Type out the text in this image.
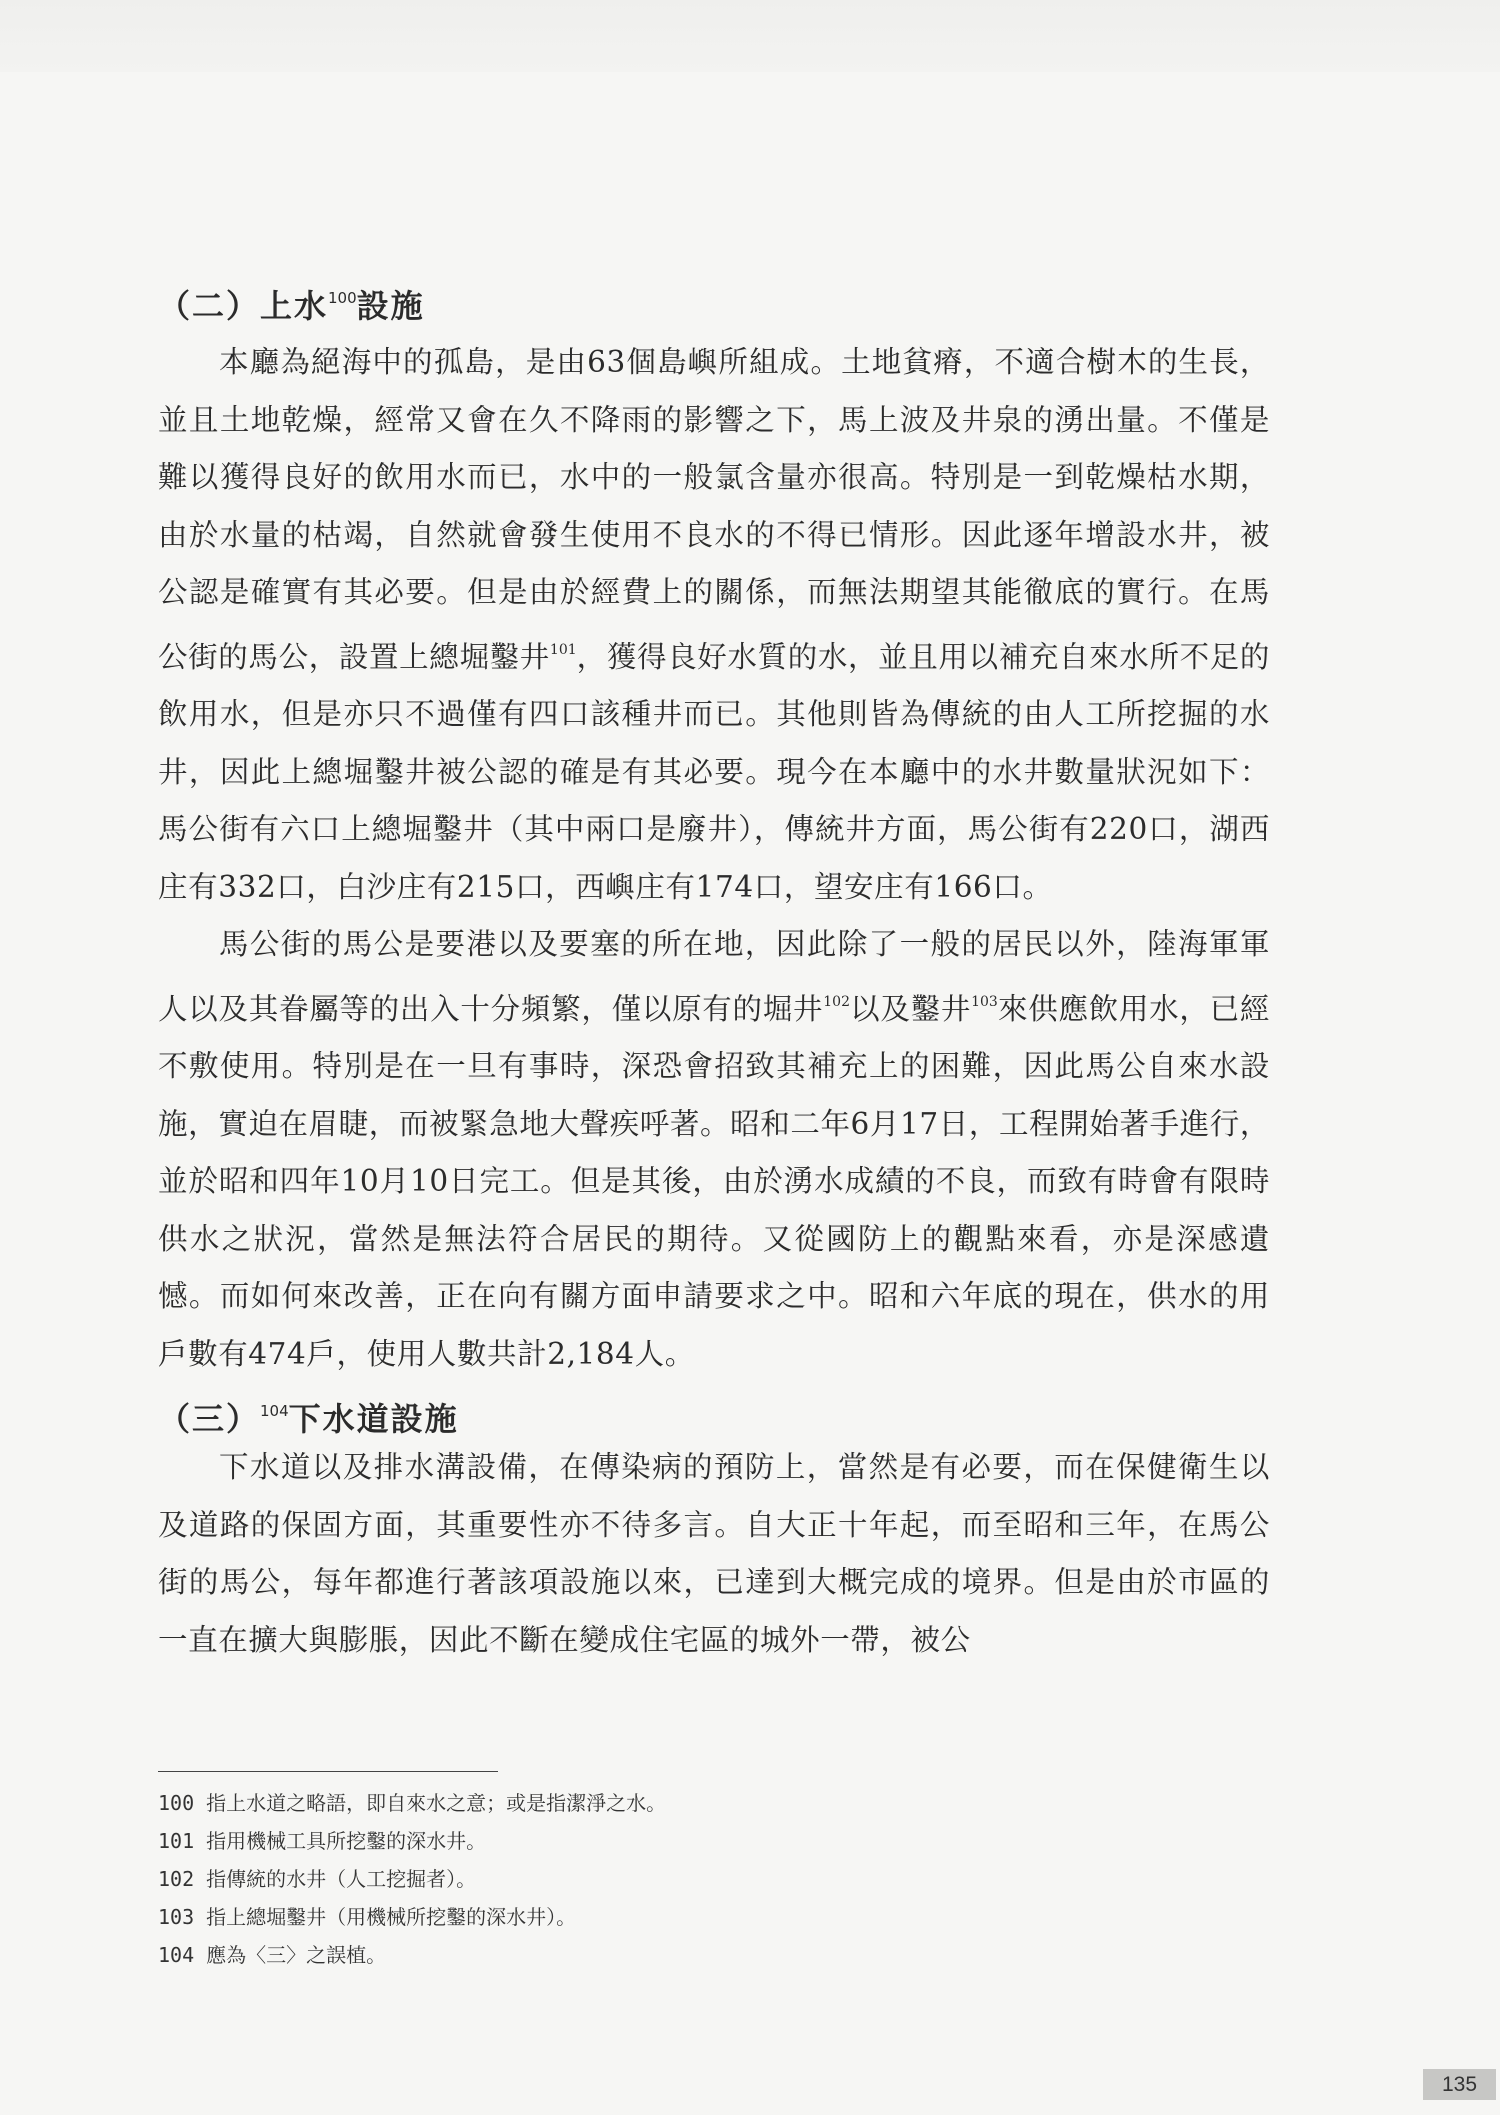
（二）上水$^{100}$設施

本廳為絕海中的孤島，是由63個島嶼所組成。土地貧瘠，不適合樹木的生長，並且土地乾燥，經常又會在久不降雨的影響之下，馬上波及井泉的湧出量。不僅是難以獲得良好的飲用水而已，水中的一般氯含量亦很高。特別是一到乾燥枯水期，由於水量的枯竭，自然就會發生使用不良水的不得已情形。因此逐年增設水井，被公認是確實有其必要。但是由於經費上的關係，而無法期望其能徹底的實行。在馬公街的馬公，設置上總堀鑿井$^{101}$，獲得良好水質的水，並且用以補充自來水所不足的飲用水，但是亦只不過僅有四口該種井而已。其他則皆為傳統的由人工所挖掘的水井，因此上總堀鑿井被公認的確是有其必要。現今在本廳中的水井數量狀況如下：馬公街有六口上總堀鑿井（其中兩口是廢井），傳統井方面，馬公街有220口，湖西庄有332口，白沙庄有215口，西嶼庄有174口，望安庄有166口。

馬公街的馬公是要港以及要塞的所在地，因此除了一般的居民以外，陸海軍軍人以及其眷屬等的出入十分頻繁，僅以原有的堀井$^{102}$以及鑿井$^{103}$來供應飲用水，已經不敷使用。特別是在一旦有事時，深恐會招致其補充上的困難，因此馬公自來水設施，實迫在眉睫，而被緊急地大聲疾呼著。昭和二年6月17日，工程開始著手進行，並於昭和四年10月10日完工。但是其後，由於湧水成績的不良，而致有時會有限時供水之狀況，當然是無法符合居民的期待。又從國防上的觀點來看，亦是深感遺憾。而如何來改善，正在向有關方面申請要求之中。昭和六年底的現在，供水的用戶數有474戶，使用人數共計2,184人。

（三）$^{104}$下水道設施

下水道以及排水溝設備，在傳染病的預防上，當然是有必要，而在保健衛生以及道路的保固方面，其重要性亦不待多言。自大正十年起，而至昭和三年，在馬公街的馬公，每年都進行著該項設施以來，已達到大概完成的境界。但是由於市區的一直在擴大與膨脹，因此不斷在變成住宅區的城外一帶，被公

100 指上水道之略語，即自來水之意；或是指潔淨之水。
101 指用機械工具所挖鑿的深水井。
102 指傳統的水井（人工挖掘者）。
103 指上總堀鑿井（用機械所挖鑿的深水井）。
104 應為〈三〉之誤植。
135
